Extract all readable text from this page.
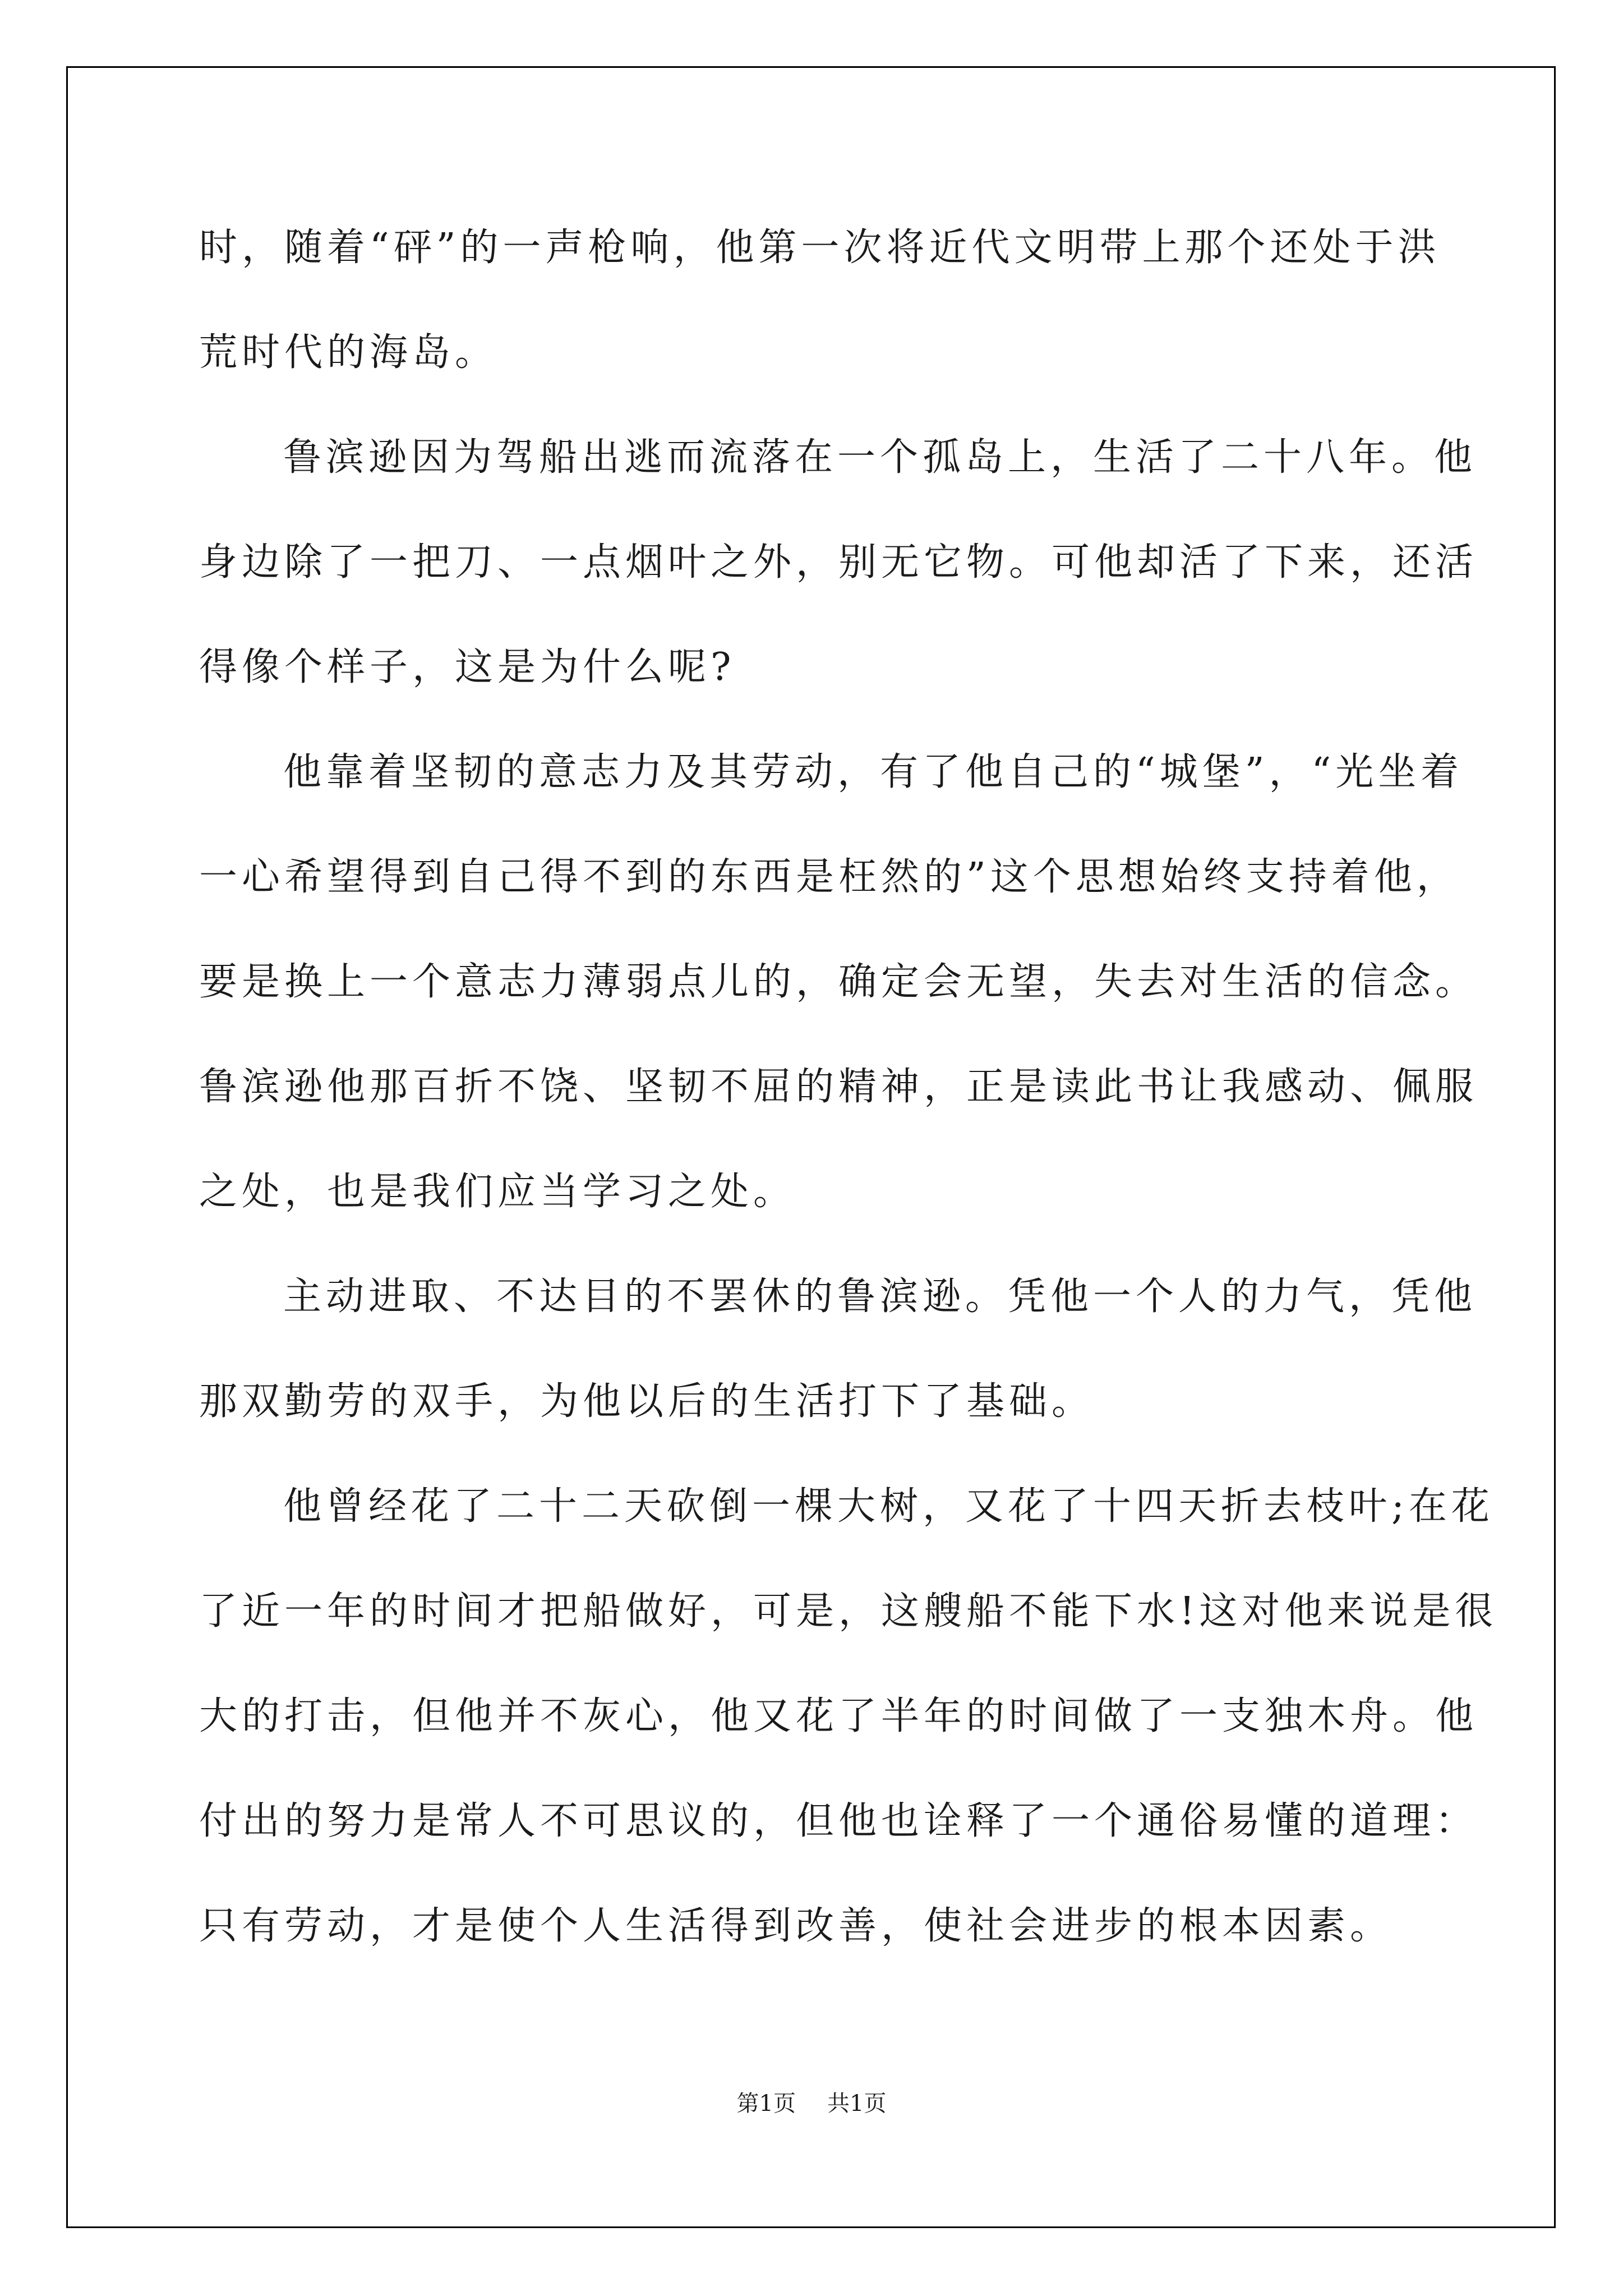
时，随着“砰”的一声枪响，他第一次将近代文明带上那个还处于洪
荒时代的海岛。
鲁滨逊因为驾船出逃而流落在一个孤岛上，生活了二十八年。他
身边除了一把刀、一点烟叶之外，别无它物。可他却活了下来，还活
得像个样子，这是为什么呢?
他靠着坚韧的意志力及其劳动，有了他自己的“城堡”，“光坐着
一心希望得到自己得不到的东西是枉然的”这个思想始终支持着他，
要是换上一个意志力薄弱点儿的，确定会无望，失去对生活的信念。
鲁滨逊他那百折不饶、坚韧不屈的精神，正是读此书让我感动、佩服
之处，也是我们应当学习之处。
主动进取、不达目的不罢休的鲁滨逊。凭他一个人的力气，凭他
那双勤劳的双手，为他以后的生活打下了基础。
他曾经花了二十二天砍倒一棵大树，又花了十四天折去枝叶;在花
了近一年的时间才把船做好，可是，这艘船不能下水!这对他来说是很
大的打击，但他并不灰心，他又花了半年的时间做了一支独木舟。他
付出的努力是常人不可思议的，但他也诠释了一个通俗易懂的道理：
只有劳动，才是使个人生活得到改善，使社会进步的根本因素。
第1页 共1页
